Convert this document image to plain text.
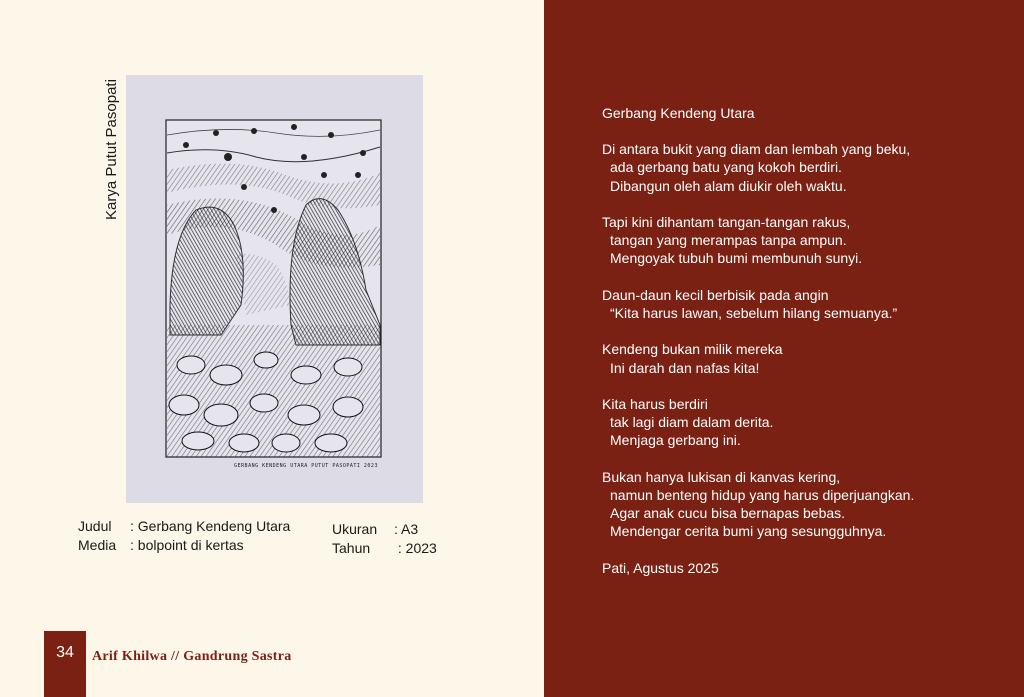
Karya Putut Pasopati
GERBANG KENDENG UTARA PUTUT PASOPATI 2023
Judul : Gerbang Kendeng Utara
Media : bolpoint di kertas
Ukuran : A3
Tahun : 2023
34	Arif Khilwa // Gandrung Sastra
Gerbang Kendeng Utara
Di antara bukit yang diam dan lembah yang beku,
ada gerbang batu yang kokoh berdiri.
Dibangun oleh alam diukir oleh waktu.
Tapi kini dihantam tangan-tangan rakus,
tangan yang merampas tanpa ampun.
Mengoyak tubuh bumi membunuh sunyi.
Daun-daun kecil berbisik pada angin
“Kita harus lawan, sebelum hilang semuanya.”
Kendeng bukan milik mereka
Ini darah dan nafas kita!
Kita harus berdiri
tak lagi diam dalam derita.
Menjaga gerbang ini.
Bukan hanya lukisan di kanvas kering,
namun benteng hidup yang harus diperjuangkan.
Agar anak cucu bisa bernapas bebas.
Mendengar cerita bumi yang sesungguhnya.
Pati, Agustus 2025
